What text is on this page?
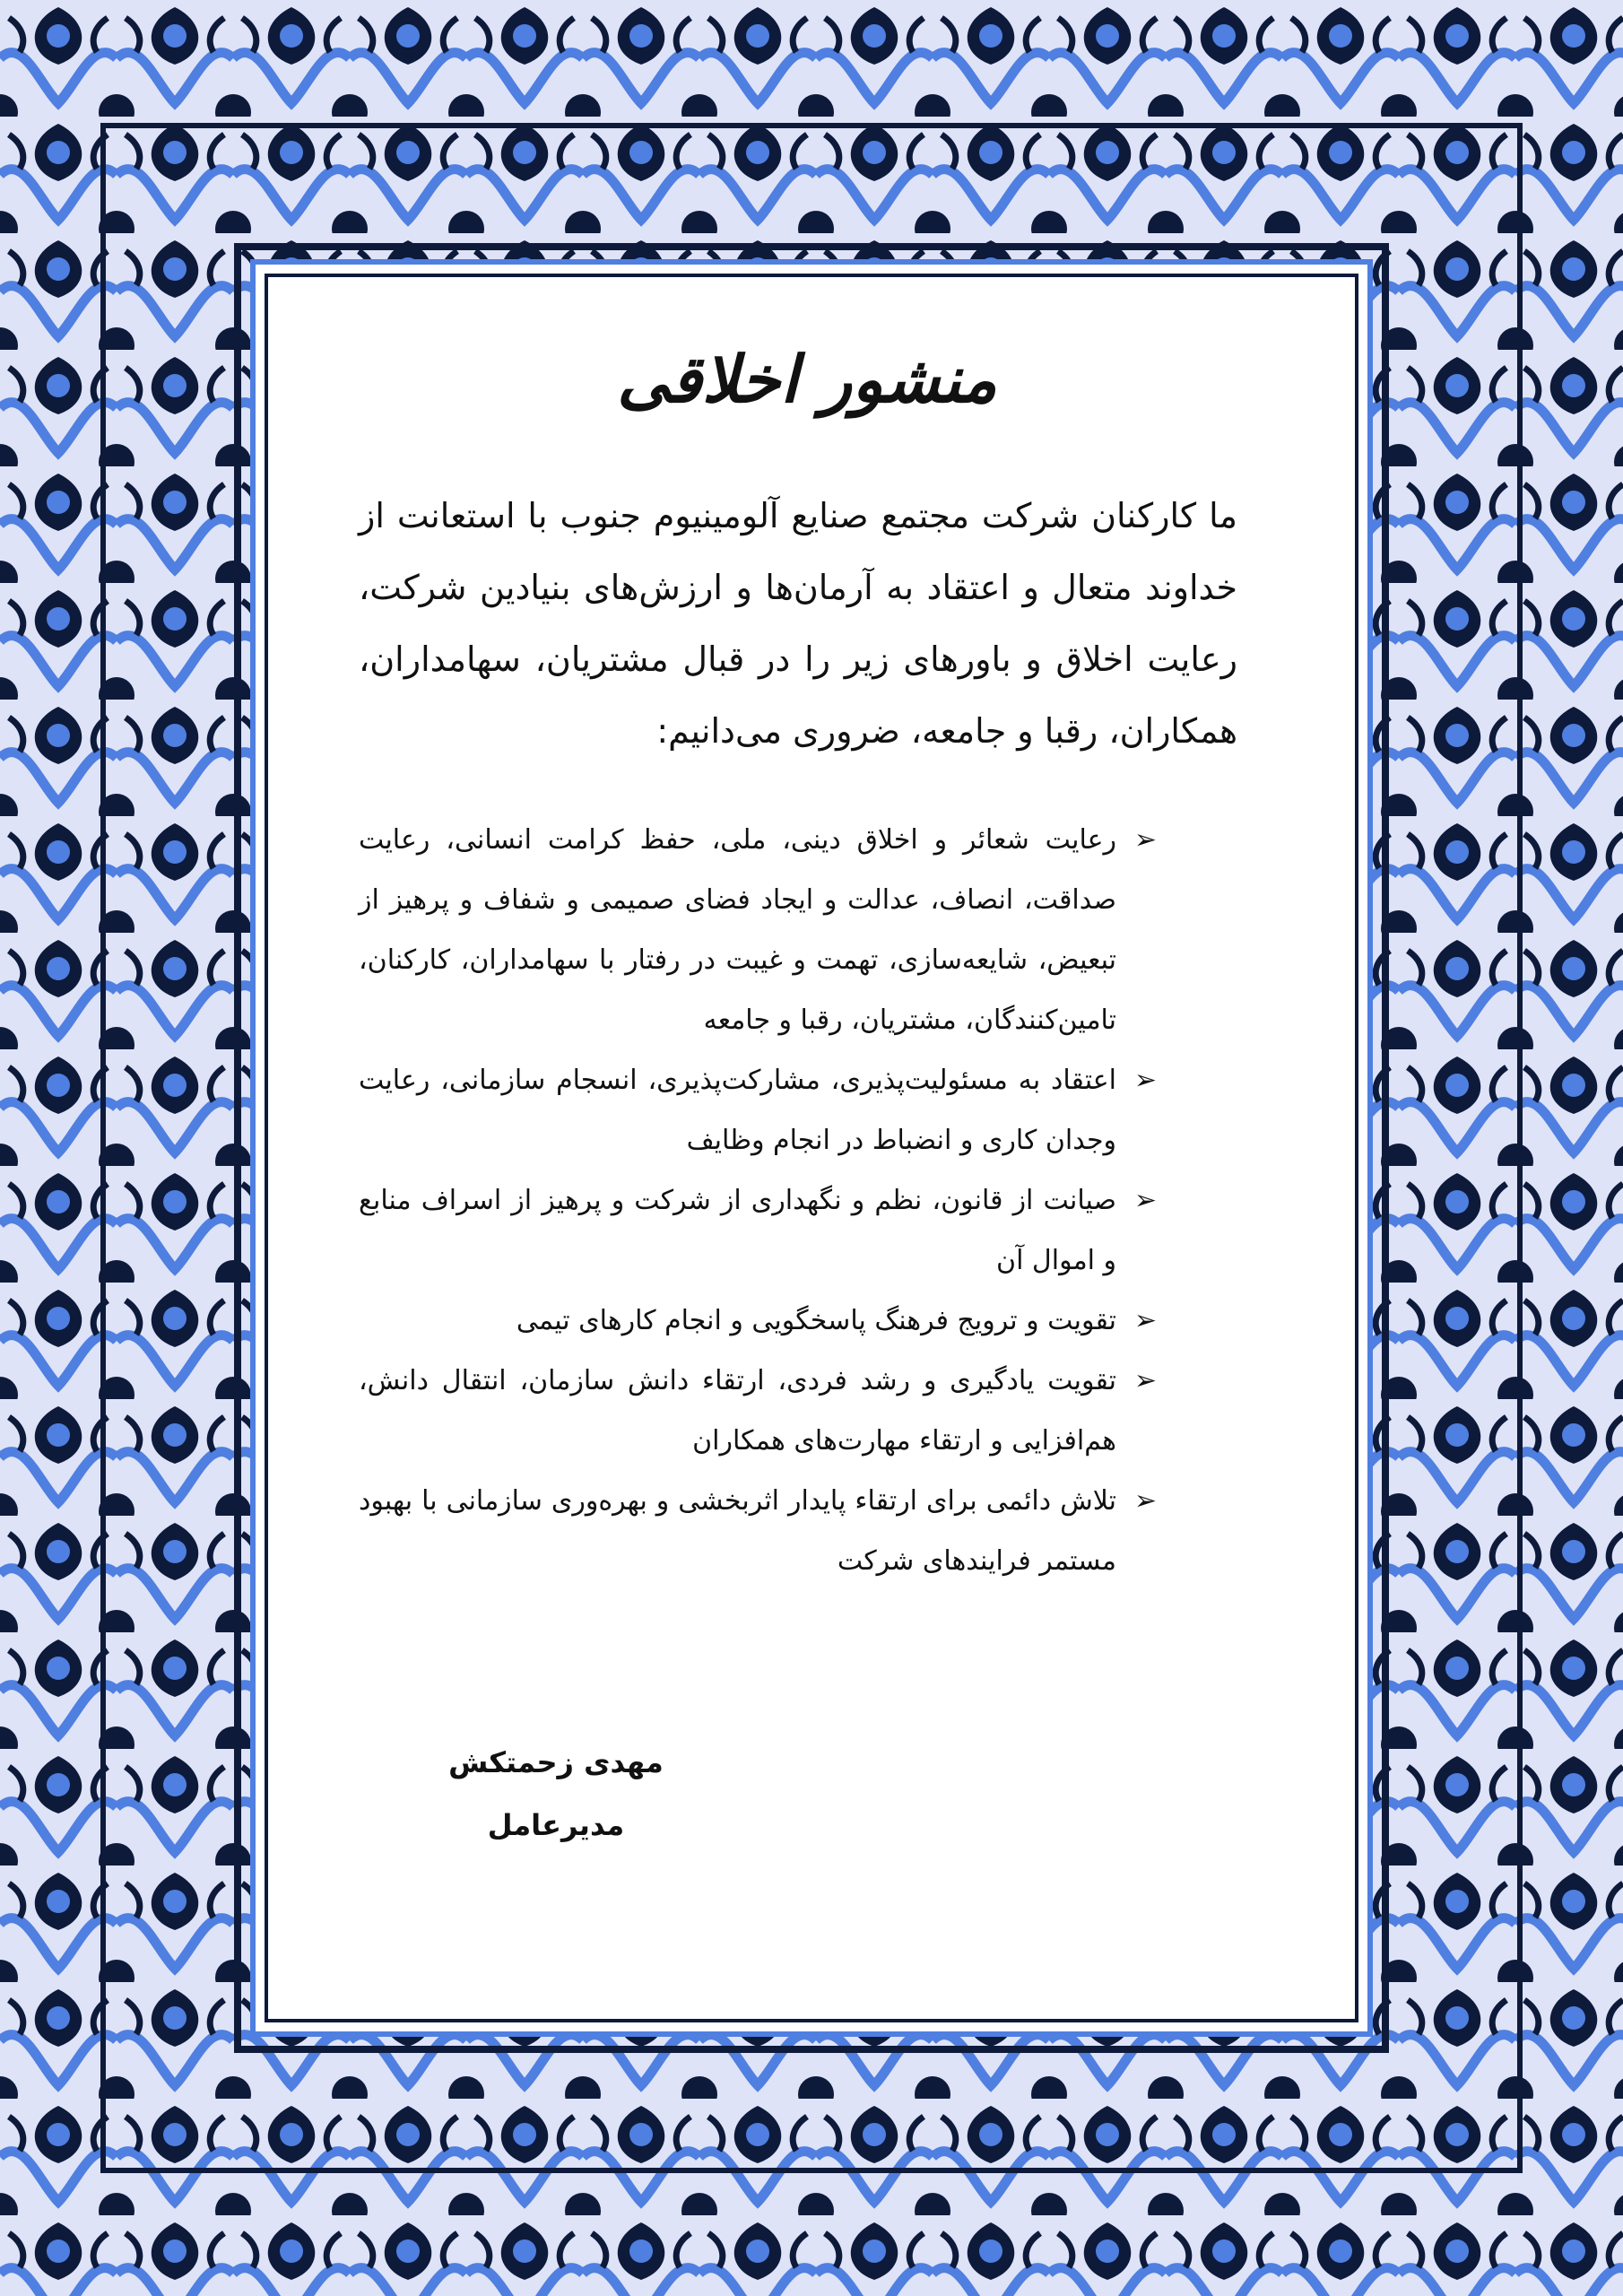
منشور اخلاقی

ما کارکنان شرکت مجتمع صنایع آلومینیوم جنوب با استعانت از خداوند متعال و اعتقاد به آرمان‌ها و ارزش‌های بنیادین شرکت، رعایت اخلاق و باورهای زیر را در قبال مشتریان، سهامداران، همکاران، رقبا و جامعه، ضروری می‌دانیم:

➢
رعایت شعائر و اخلاق دینی، ملی، حفظ کرامت انسانی، رعایت صداقت، انصاف، عدالت و ایجاد فضای صمیمی و شفاف و پرهیز از تبعیض، شایعه‌سازی، تهمت و غیبت در رفتار با سهامداران، کارکنان، تامین‌کنندگان، مشتریان، رقبا و جامعه
➢
اعتقاد به مسئولیت‌پذیری، مشارکت‌پذیری، انسجام سازمانی، رعایت وجدان کاری و انضباط در انجام وظایف
➢
صیانت از قانون، نظم و نگهداری از شرکت و پرهیز از اسراف منابع و اموال آن
➢
تقویت و ترویج فرهنگ پاسخگویی و انجام کارهای تیمی
➢
تقویت یادگیری و رشد فردی، ارتقاء دانش سازمان، انتقال دانش، هم‌افزایی و ارتقاء مهارت‌های همکاران
➢
تلاش دائمی برای ارتقاء پایدار اثربخشی و بهره‌وری سازمانی با بهبود مستمر فرایندهای شرکت
مهدی زحمتکش
مدیرعامل
